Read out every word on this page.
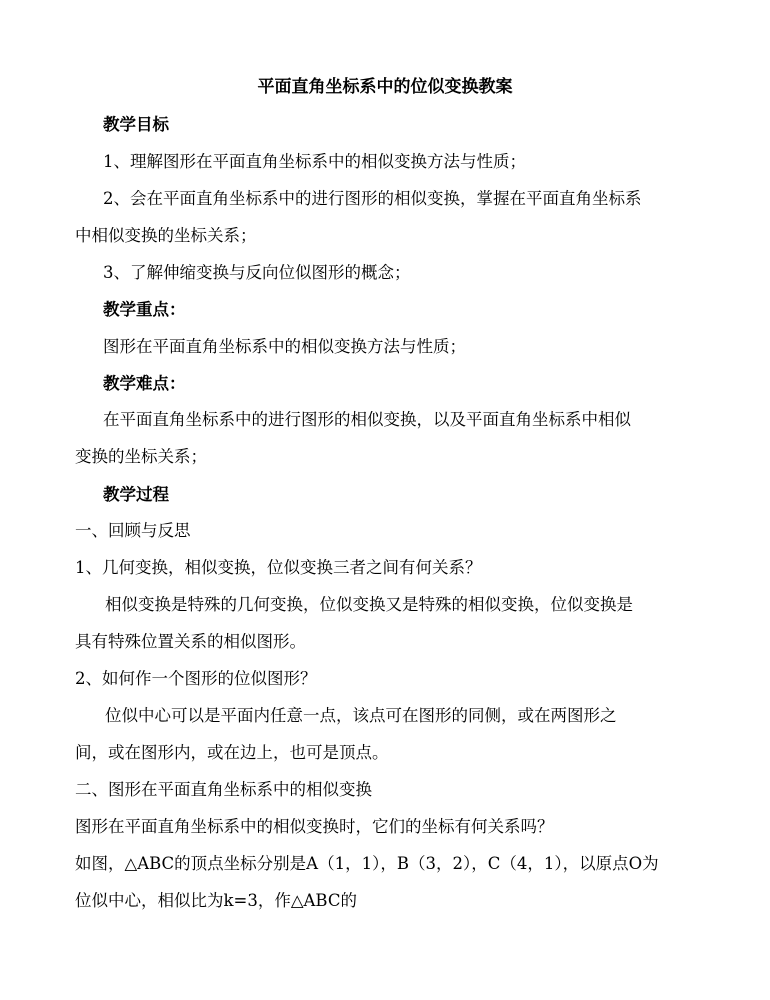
平面直角坐标系中的位似变换教案
教学目标
1、理解图形在平面直角坐标系中的相似变换方法与性质；
2、会在平面直角坐标系中的进行图形的相似变换，掌握在平面直角坐标系
中相似变换的坐标关系；
3、了解伸缩变换与反向位似图形的概念；
教学重点：
图形在平面直角坐标系中的相似变换方法与性质；
教学难点：
在平面直角坐标系中的进行图形的相似变换，以及平面直角坐标系中相似
变换的坐标关系；
教学过程
一、回顾与反思
1、几何变换，相似变换，位似变换三者之间有何关系？
相似变换是特殊的几何变换，位似变换又是特殊的相似变换，位似变换是
具有特殊位置关系的相似图形。
2、如何作一个图形的位似图形？
位似中心可以是平面内任意一点，该点可在图形的同侧，或在两图形之
间，或在图形内，或在边上，也可是顶点。
二、图形在平面直角坐标系中的相似变换
图形在平面直角坐标系中的相似变换时，它们的坐标有何关系吗？
如图，△ABC的顶点坐标分别是A（1，1），B（3，2），C（4，1），以原点O为
位似中心，相似比为k=3，作△ABC的
